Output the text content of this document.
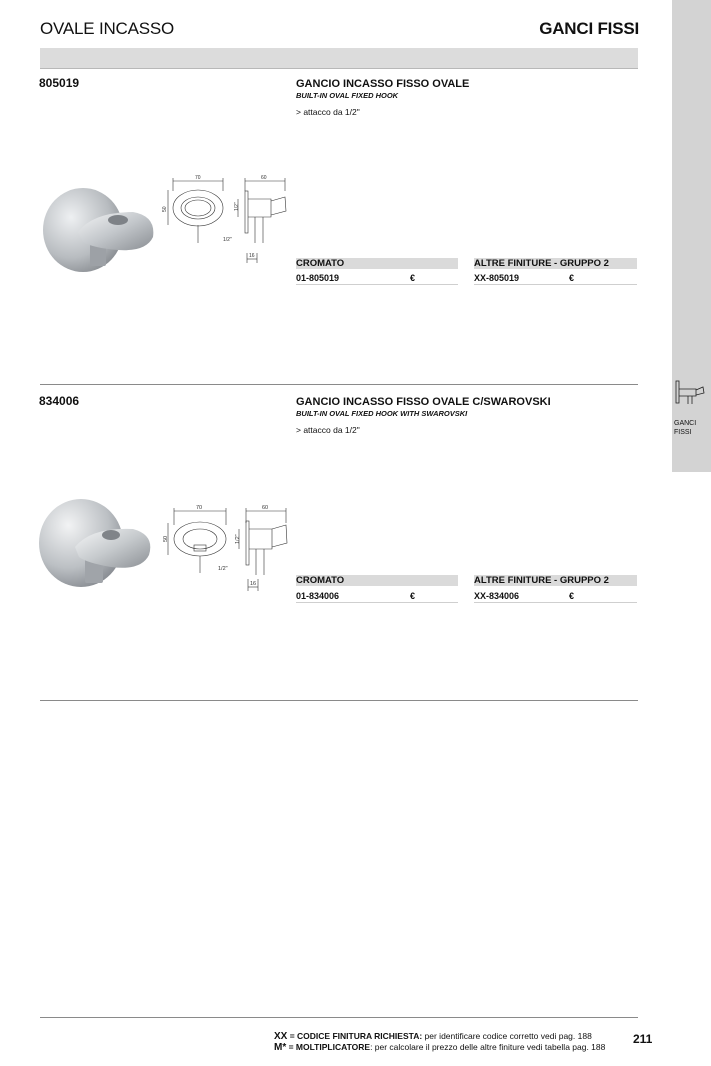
OVALE INCASSO	GANCI FISSI
GANCI
FISSI
805019	GANCIO INCASSO FISSO OVALE
BUILT-IN OVAL FIXED HOOK
> attacco da 1/2"
70
50
60
1/2"
1/2"
16
CROMATO	ALTRE FINITURE - GRUPPO 2
01-805019	€	XX-805019	€
834006	GANCIO INCASSO FISSO OVALE C/SWAROVSKI
BUILT-IN OVAL FIXED HOOK WITH SWAROVSKI
> attacco da 1/2"
70
50
60
1/2"
1/2"
16	CROMATO	ALTRE FINITURE - GRUPPO 2
01-834006	€	XX-834006	€
XX = CODICE FINITURA RICHIESTA: per identificare codice corretto vedi pag. 188
M* = MOLTIPLICATORE: per calcolare il prezzo delle altre finiture vedi tabella pag. 188
211
